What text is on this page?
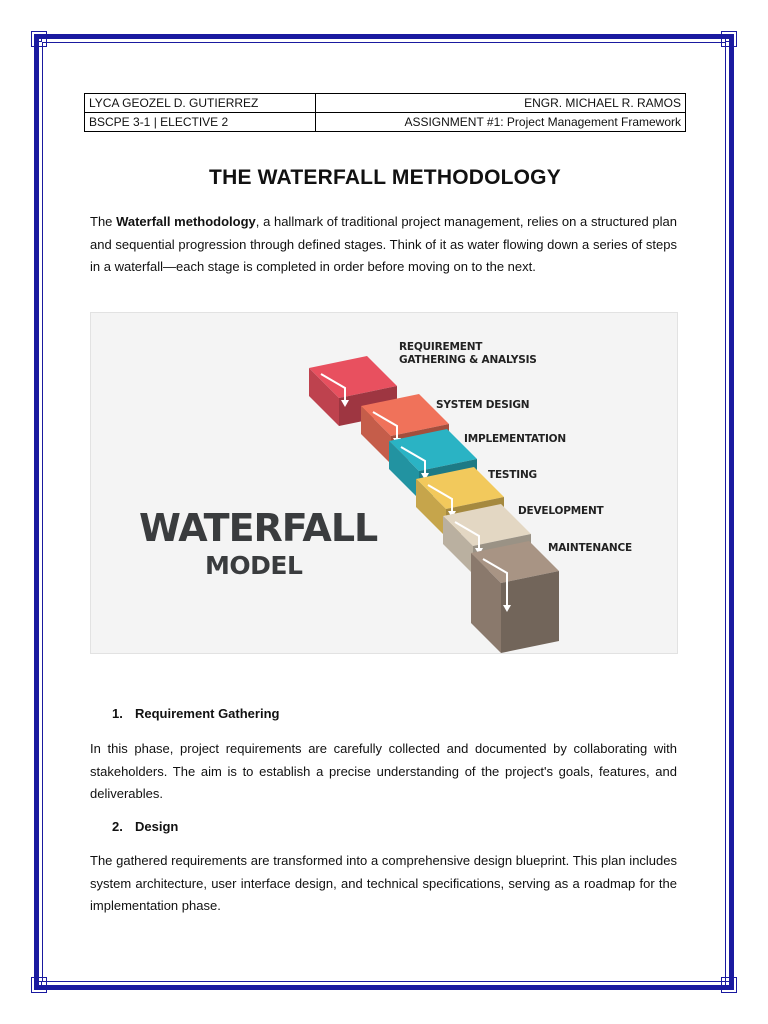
LYCA GEOZEL D. GUTIERREZ	ENGR. MICHAEL R. RAMOS
BSCPE 3-1 | ELECTIVE 2	ASSIGNMENT #1: Project Management Framework
THE WATERFALL METHODOLOGY

The Waterfall methodology, a hallmark of traditional project management, relies on a structured plan and sequential progression through defined stages. Think of it as water flowing down a series of steps in a waterfall—each stage is completed in order before moving on to the next.

WATERFALL
MODEL
REQUIREMENT
GATHERING & ANALYSIS
SYSTEM DESIGN
IMPLEMENTATION
TESTING
DEVELOPMENT
MAINTENANCE
1. Requirement Gathering

In this phase, project requirements are carefully collected and documented by collaborating with stakeholders. The aim is to establish a precise understanding of the project's goals, features, and deliverables.

2. Design

The gathered requirements are transformed into a comprehensive design blueprint. This plan includes system architecture, user interface design, and technical specifications, serving as a roadmap for the implementation phase.
